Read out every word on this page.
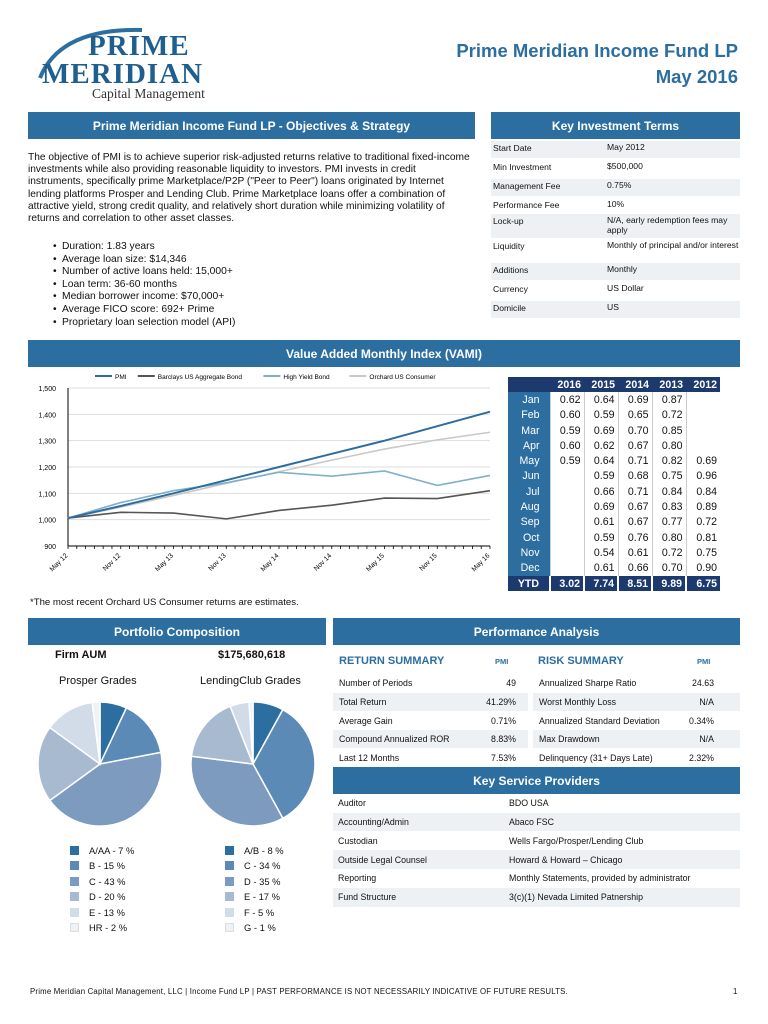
PRIME
MERIDIAN
Capital Management
Prime Meridian Income Fund LP
May 2016
Prime Meridian Income Fund LP - Objectives & Strategy
The objective of PMI is to achieve superior risk-adjusted returns relative to traditional fixed-income investments while also providing reasonable liquidity to investors. PMI invests in credit instruments, specifically prime Marketplace/P2P ("Peer to Peer") loans originated by Internet lending platforms Prosper and Lending Club. Prime Marketplace loans offer a combination of attractive yield, strong credit quality, and relatively short duration while minimizing volatility of returns and correlation to other asset classes.
• Duration: 1.83 years
• Average loan size: $14,346
• Number of active loans held: 15,000+
• Loan term: 36-60 months
• Median borrower income: $70,000+
• Average FICO score: 692+ Prime
• Proprietary loan selection model (API)
Key Investment Terms
Start Date	May 2012
Min Investment	$500,000
Management Fee	0.75%
Performance Fee	10%
Lock-up	N/A, early redemption fees may apply
Liquidity	Monthly of principal and/or interest
Additions	Monthly
Currency	US Dollar
Domicile	US
Value Added Monthly Index (VAMI)
PMI	Barclays US Aggregate Bond	High Yield Bond	Orchard US Consumer
900
1,000
1,100
1,200
1,300
1,400
1,500
May 12	Nov 12	May 13	Nov 13	May 14	Nov 14	May 15	Nov 15	May 16
	2016	2015	2014	2013	2012
Jan	0.62	0.64	0.69	0.87	
Feb	0.60	0.59	0.65	0.72	
Mar	0.59	0.69	0.70	0.85	
Apr	0.60	0.62	0.67	0.80	
May	0.59	0.64	0.71	0.82	0.69
Jun		0.59	0.68	0.75	0.96
Jul		0.66	0.71	0.84	0.84
Aug		0.69	0.67	0.83	0.89
Sep		0.61	0.67	0.77	0.72
Oct		0.59	0.76	0.80	0.81
Nov		0.54	0.61	0.72	0.75
Dec		0.61	0.66	0.70	0.90
YTD	3.02	7.74	8.51	9.89	6.75
*The most recent Orchard US Consumer returns are estimates.
Portfolio Composition
Firm AUM	$175,680,618
Prosper Grades	LendingClub Grades
A/AA - 7 %
B - 15 %
C - 43 %
D - 20 %
E - 13 %
HR - 2 %
A/B - 8 %
C - 34 %
D - 35 %
E - 17 %
F - 5 %
G - 1 %
Performance Analysis
RETURN SUMMARY	PMI	RISK SUMMARY	PMI
Number of Periods	49	Annualized Sharpe Ratio	24.63
Total Return	41.29%	Worst Monthly Loss	N/A
Average Gain	0.71%	Annualized Standard Deviation	0.34%
Compound Annualized ROR	8.83%	Max Drawdown	N/A
Last 12 Months	7.53%	Delinquency (31+ Days Late)	2.32%
Key Service Providers
Auditor	BDO USA
Accounting/Admin	Abaco FSC
Custodian	Wells Fargo/Prosper/Lending Club
Outside Legal Counsel	Howard & Howard – Chicago
Reporting	Monthly Statements, provided by administrator
Fund Structure	3(c)(1) Nevada Limited Patnership
Prime Meridian Capital Management, LLC | Income Fund LP | PAST PERFORMANCE IS NOT NECESSARILY INDICATIVE OF FUTURE RESULTS.	1
